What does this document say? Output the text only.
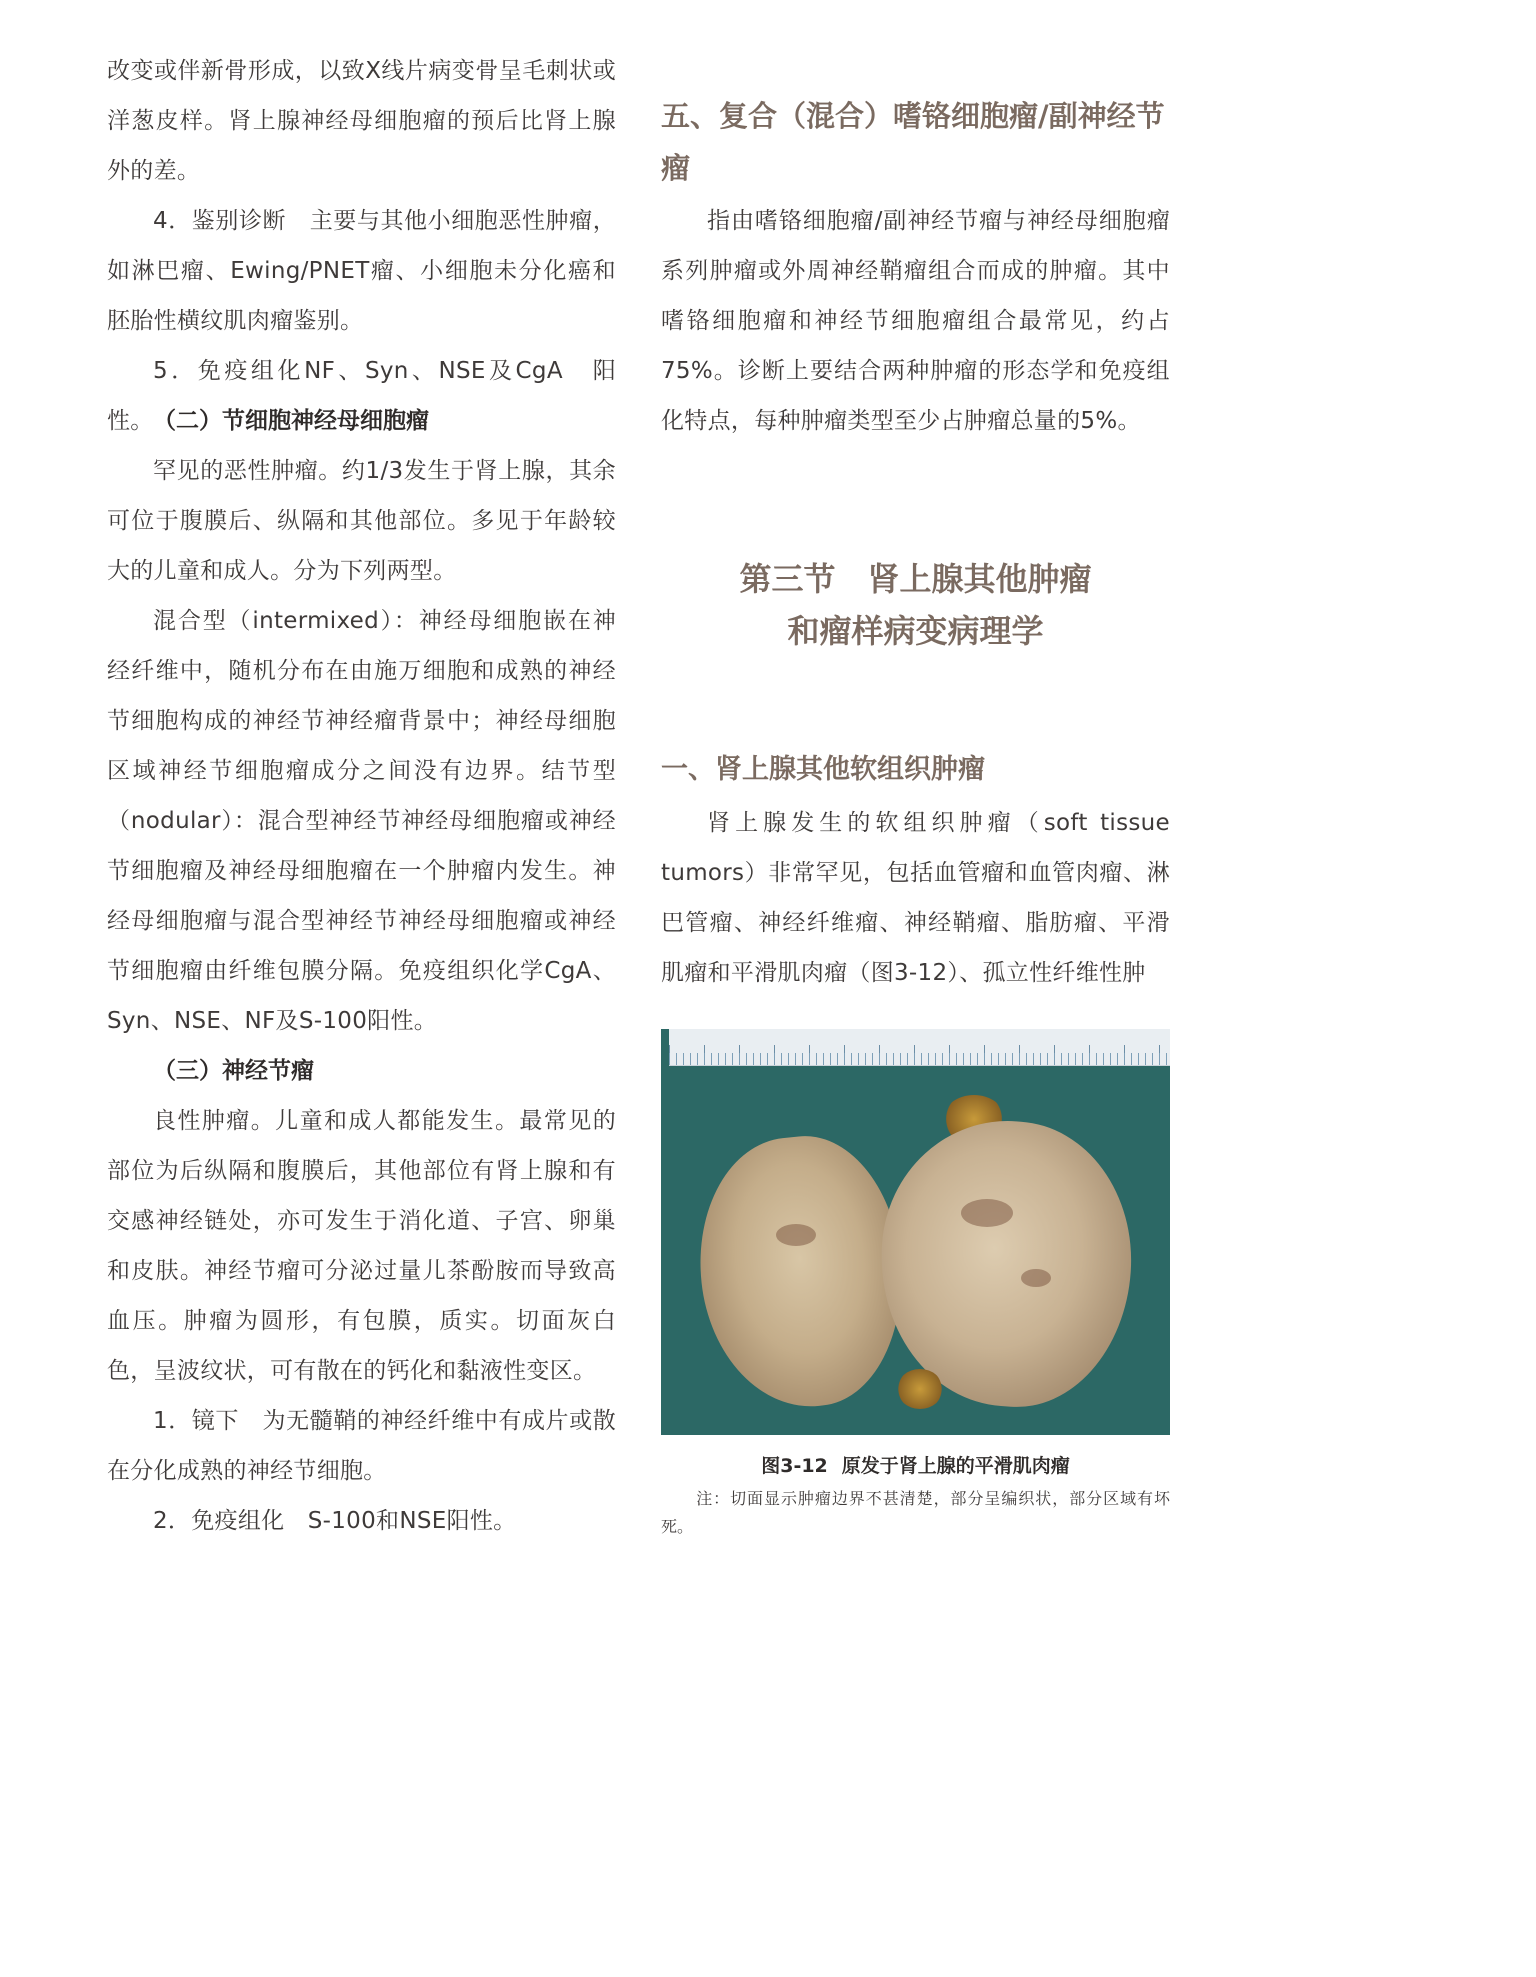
改变或伴新骨形成，以致X线片病变骨呈毛刺状或洋葱皮样。肾上腺神经母细胞瘤的预后比肾上腺外的差。

4．鉴别诊断　主要与其他小细胞恶性肿瘤，如淋巴瘤、Ewing/PNET瘤、小细胞未分化癌和胚胎性横纹肌肉瘤鉴别。

5．免疫组化NF、Syn、NSE及CgA　阳性。 （二）节细胞神经母细胞瘤

罕见的恶性肿瘤。约1/3发生于肾上腺，其余可位于腹膜后、纵隔和其他部位。多见于年龄较大的儿童和成人。分为下列两型。

混合型（intermixed）：神经母细胞嵌在神经纤维中，随机分布在由施万细胞和成熟的神经节细胞构成的神经节神经瘤背景中；神经母细胞区域神经节细胞瘤成分之间没有边界。结节型（nodular）：混合型神经节神经母细胞瘤或神经节细胞瘤及神经母细胞瘤在一个肿瘤内发生。神经母细胞瘤与混合型神经节神经母细胞瘤或神经节细胞瘤由纤维包膜分隔。免疫组织化学CgA、Syn、NSE、NF及S-100阳性。

（三）神经节瘤

良性肿瘤。儿童和成人都能发生。最常见的部位为后纵隔和腹膜后，其他部位有肾上腺和有交感神经链处，亦可发生于消化道、子宫、卵巢和皮肤。神经节瘤可分泌过量儿茶酚胺而导致高血压。肿瘤为圆形，有包膜，质实。切面灰白色，呈波纹状，可有散在的钙化和黏液性变区。

1．镜下　为无髓鞘的神经纤维中有成片或散在分化成熟的神经节细胞。

2．免疫组化　S-100和NSE阳性。

五、复合（混合）嗜铬细胞瘤/副神经节瘤

指由嗜铬细胞瘤/副神经节瘤与神经母细胞瘤系列肿瘤或外周神经鞘瘤组合而成的肿瘤。其中嗜铬细胞瘤和神经节细胞瘤组合最常见，约占75%。诊断上要结合两种肿瘤的形态学和免疫组化特点，每种肿瘤类型至少占肿瘤总量的5%。

一、肾上腺其他软组织肿瘤

肾上腺发生的软组织肿瘤（soft tissue tumors）非常罕见，包括血管瘤和血管肉瘤、淋巴管瘤、神经纤维瘤、神经鞘瘤、脂肪瘤、平滑肌瘤和平滑肌肉瘤（图3-12）、孤立性纤维性肿

第三节　肾上腺其他肿瘤
和瘤样病变病理学
图3-12 原发于肾上腺的平滑肌肉瘤
注：切面显示肿瘤边界不甚清楚，部分呈编织状，部分区域有坏死。
